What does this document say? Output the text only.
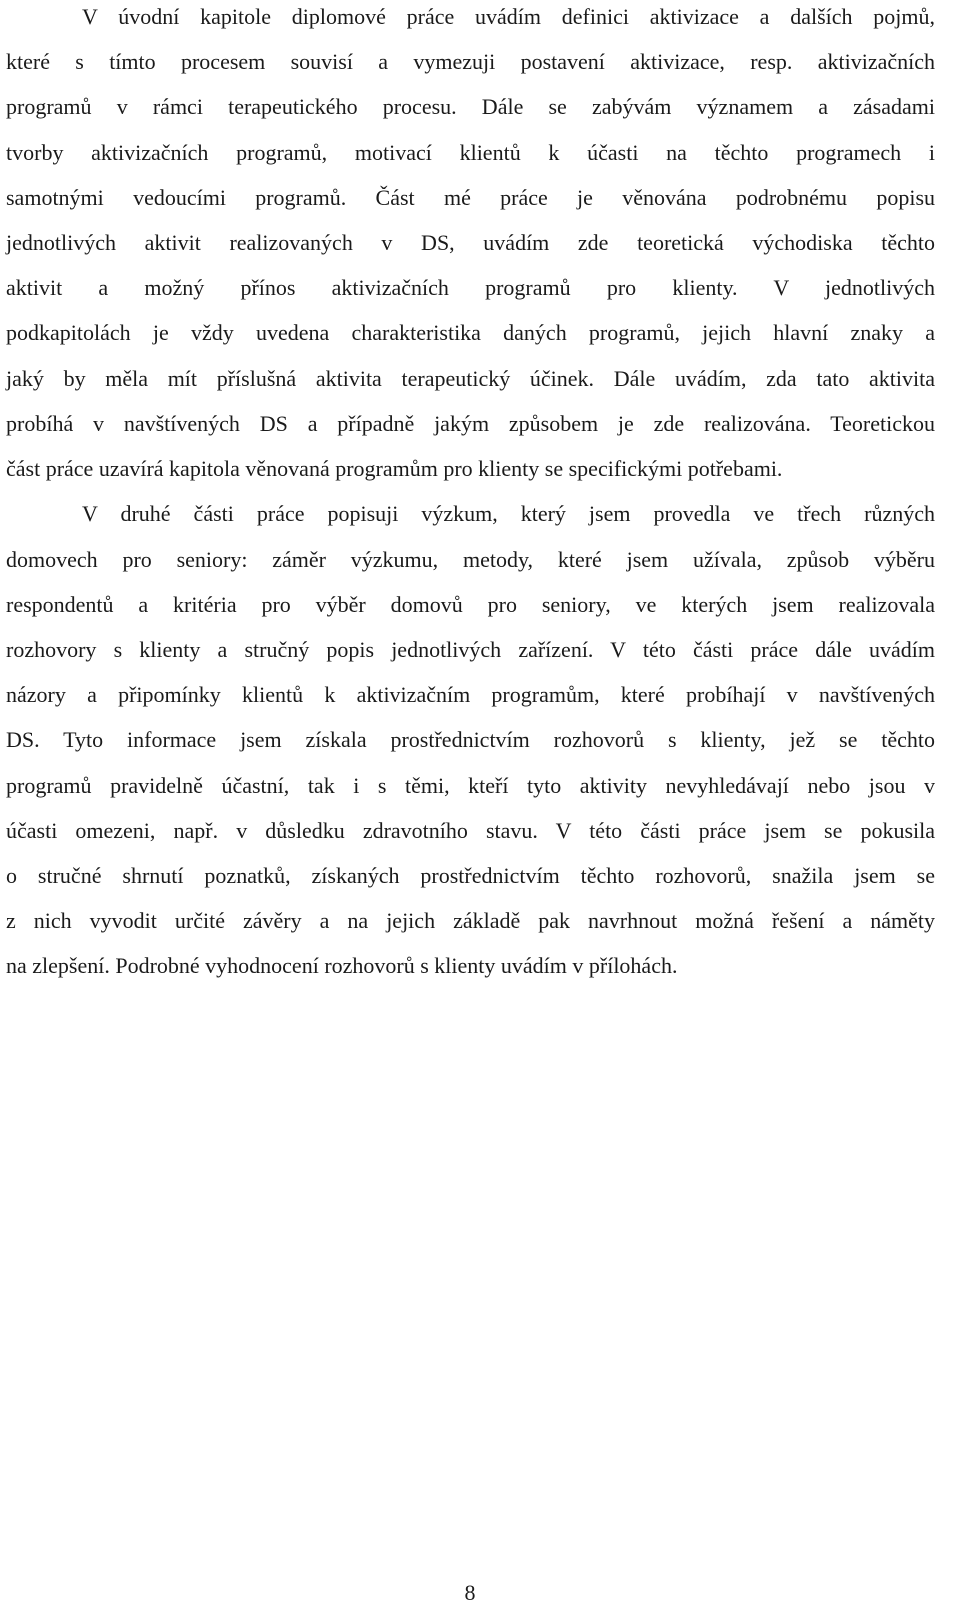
V úvodní kapitole diplomové práce uvádím definici aktivizace a dalších pojmů,
které s tímto procesem souvisí a vymezuji postavení aktivizace, resp. aktivizačních
programů v rámci terapeutického procesu. Dále se zabývám významem a zásadami
tvorby aktivizačních programů, motivací klientů k účasti na těchto programech i
samotnými vedoucími programů. Část mé práce je věnována podrobnému popisu
jednotlivých aktivit realizovaných v DS, uvádím zde teoretická východiska těchto
aktivit a možný přínos aktivizačních programů pro klienty. V jednotlivých
podkapitolách je vždy uvedena charakteristika daných programů, jejich hlavní znaky a
jaký by měla mít příslušná aktivita terapeutický účinek. Dále uvádím, zda tato aktivita
probíhá v navštívených DS a případně jakým způsobem je zde realizována. Teoretickou
část práce uzavírá kapitola věnovaná programům pro klienty se specifickými potřebami.
V druhé části práce popisuji výzkum, který jsem provedla ve třech různých
domovech pro seniory: záměr výzkumu, metody, které jsem užívala, způsob výběru
respondentů a kritéria pro výběr domovů pro seniory, ve kterých jsem realizovala
rozhovory s klienty a stručný popis jednotlivých zařízení. V této části práce dále uvádím
názory a připomínky klientů k aktivizačním programům, které probíhají v navštívených
DS. Tyto informace jsem získala prostřednictvím rozhovorů s klienty, jež se těchto
programů pravidelně účastní, tak i s těmi, kteří tyto aktivity nevyhledávají nebo jsou v
účasti omezeni, např. v důsledku zdravotního stavu. V této části práce jsem se pokusila
o stručné shrnutí poznatků, získaných prostřednictvím těchto rozhovorů, snažila jsem se
z nich vyvodit určité závěry a na jejich základě pak navrhnout možná řešení a náměty
na zlepšení. Podrobné vyhodnocení rozhovorů s klienty uvádím v přílohách.
8
